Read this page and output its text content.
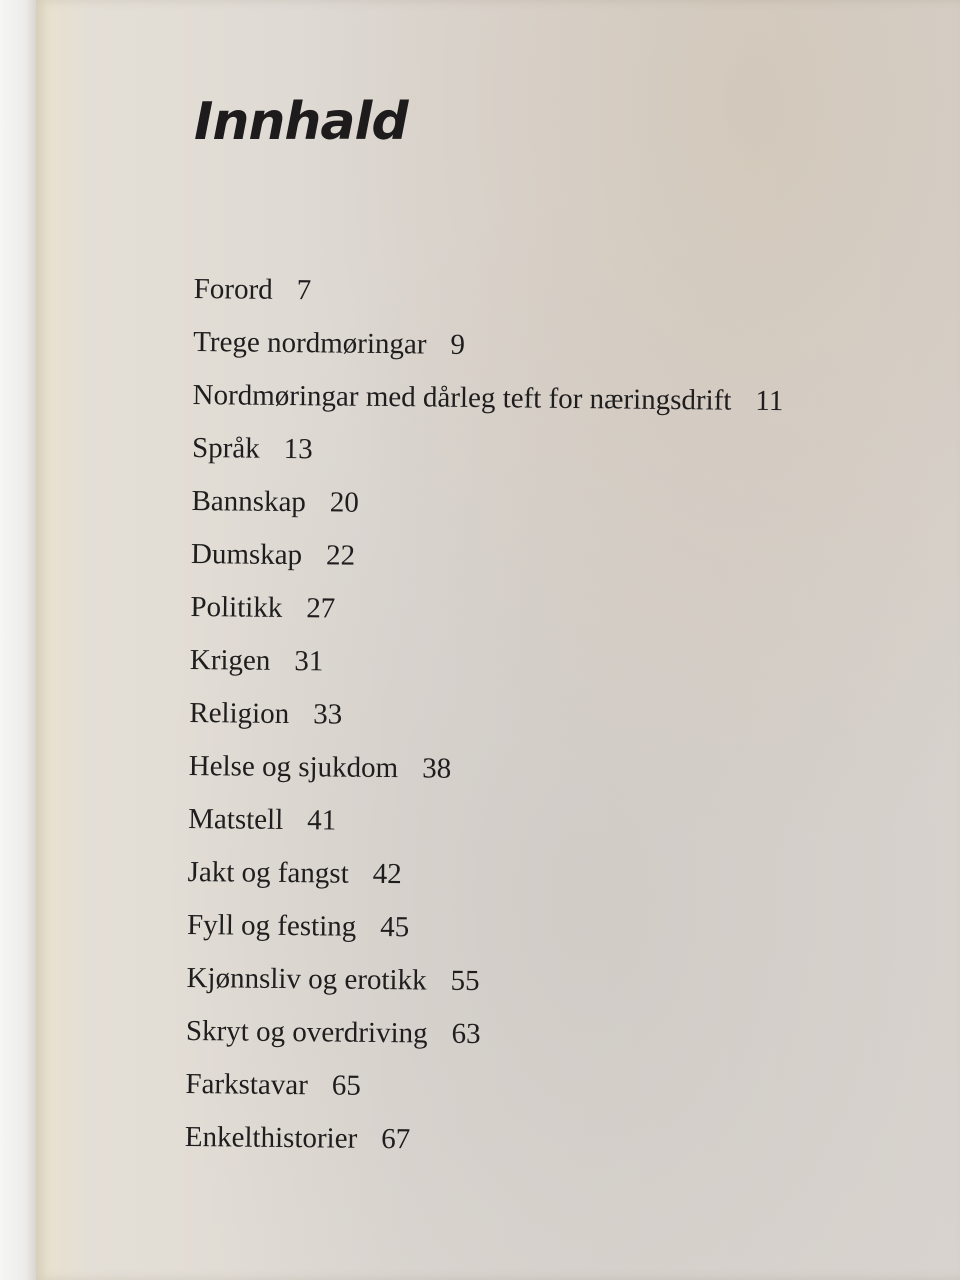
Innhald
Forord 7
Trege nordmøringar 9
Nordmøringar med dårleg teft for næringsdrift 11
Språk 13
Bannskap 20
Dumskap 22
Politikk 27
Krigen 31
Religion 33
Helse og sjukdom 38
Matstell 41
Jakt og fangst 42
Fyll og festing 45
Kjønnsliv og erotikk 55
Skryt og overdriving 63
Farkstavar 65
Enkelthistorier 67
